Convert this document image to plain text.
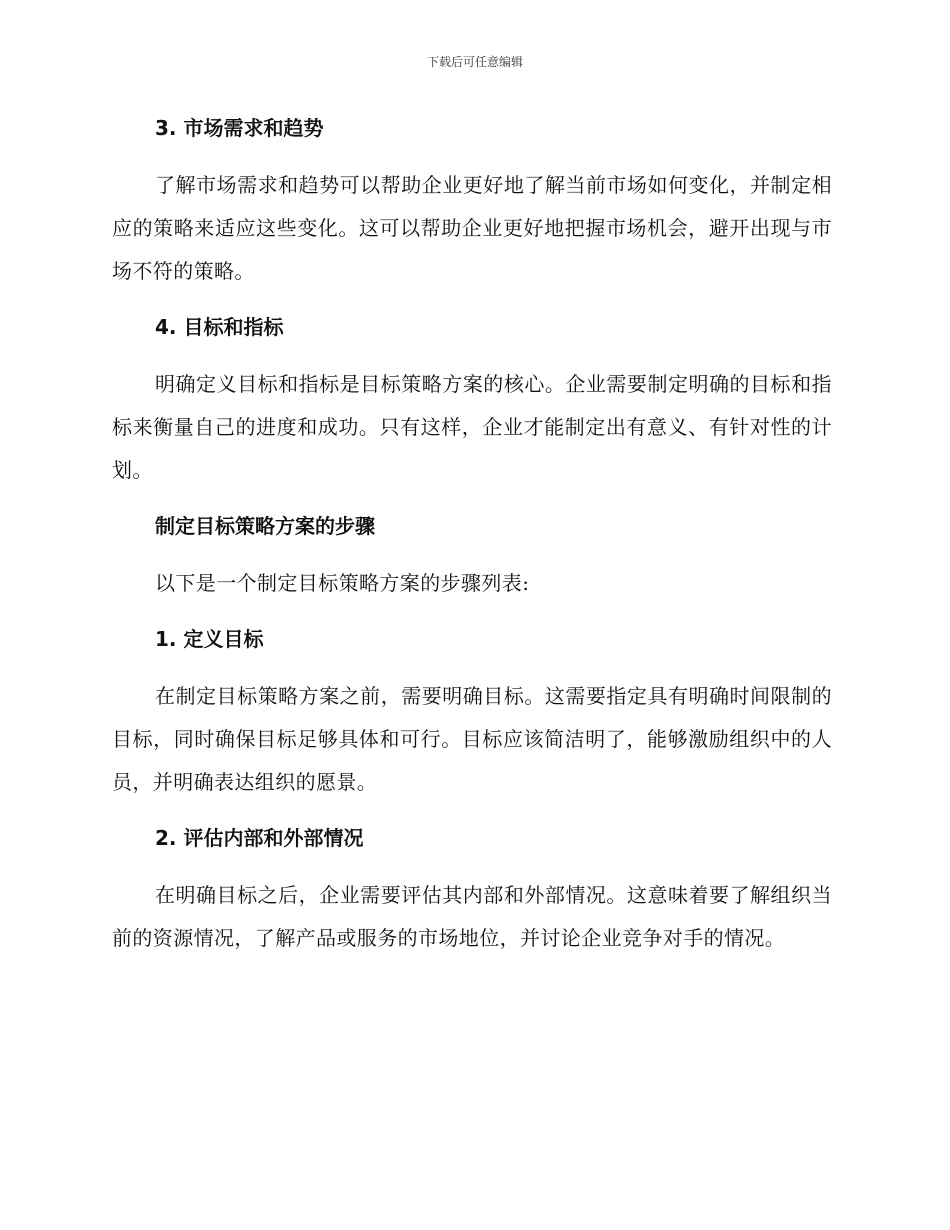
下载后可任意编辑
3. 市场需求和趋势

了解市场需求和趋势可以帮助企业更好地了解当前市场如何变化，并制定相应的策略来适应这些变化。这可以帮助企业更好地把握市场机会，避开出现与市场不符的策略。

4. 目标和指标

明确定义目标和指标是目标策略方案的核心。企业需要制定明确的目标和指标来衡量自己的进度和成功。只有这样，企业才能制定出有意义、有针对性的计划。

制定目标策略方案的步骤

以下是一个制定目标策略方案的步骤列表:

1. 定义目标

在制定目标策略方案之前，需要明确目标。这需要指定具有明确时间限制的目标，同时确保目标足够具体和可行。目标应该简洁明了，能够激励组织中的人员，并明确表达组织的愿景。

2. 评估内部和外部情况

在明确目标之后，企业需要评估其内部和外部情况。这意味着要了解组织当前的资源情况，了解产品或服务的市场地位，并讨论企业竞争对手的情况。
